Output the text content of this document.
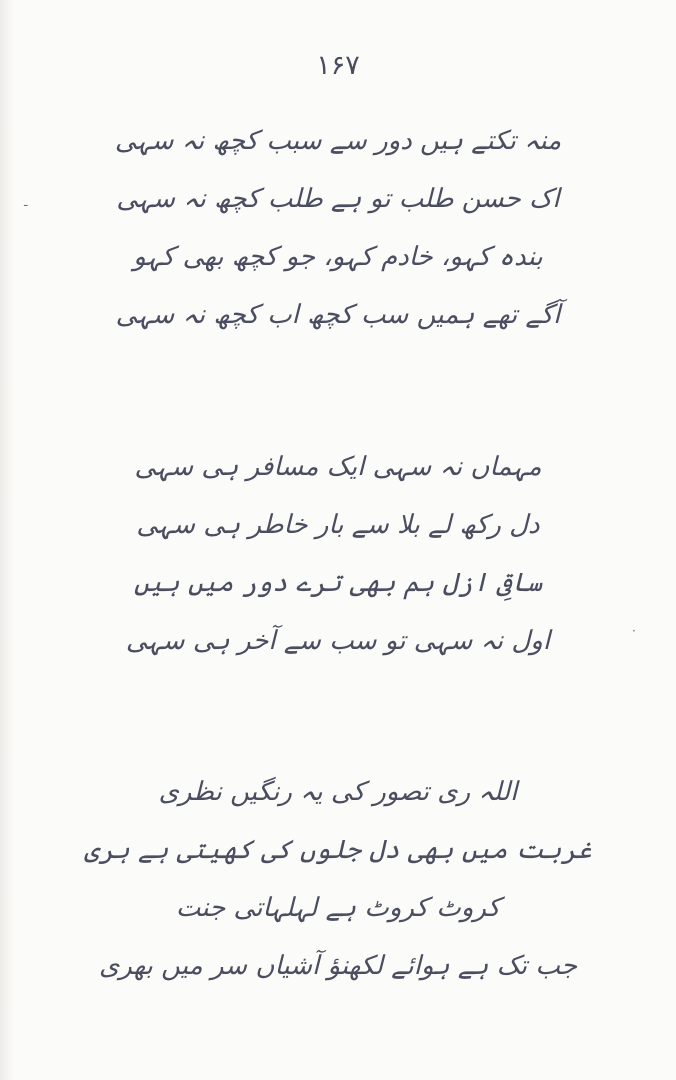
۱۶۷
منہ تکتے ہیں دور سے سبب کچھ نہ سہی
اک حسن طلب تو ہے طلب کچھ نہ سہی
بندہ کہو، خادم کہو، جو کچھ بھی کہو
آگے تھے ہمیں سب کچھ اب کچھ نہ سہی
مہماں نہ سہی ایک مسافر ہی سہی
دل رکھ لے بلا سے بار خاطر ہی سہی
ساقیِ ازل ہم بھی ترے دور میں ہیں
اول نہ سہی تو سب سے آخر ہی سہی
اللہ ری تصور کی یہ رنگیں نظری
غربت میں بھی دل جلوں کی کھیتی ہے ہری
کروٹ کروٹ ہے لہلہاتی جنت
جب تک ہے ہوائے لکھنؤ آشیاں سر میں بھری
ـ
·
